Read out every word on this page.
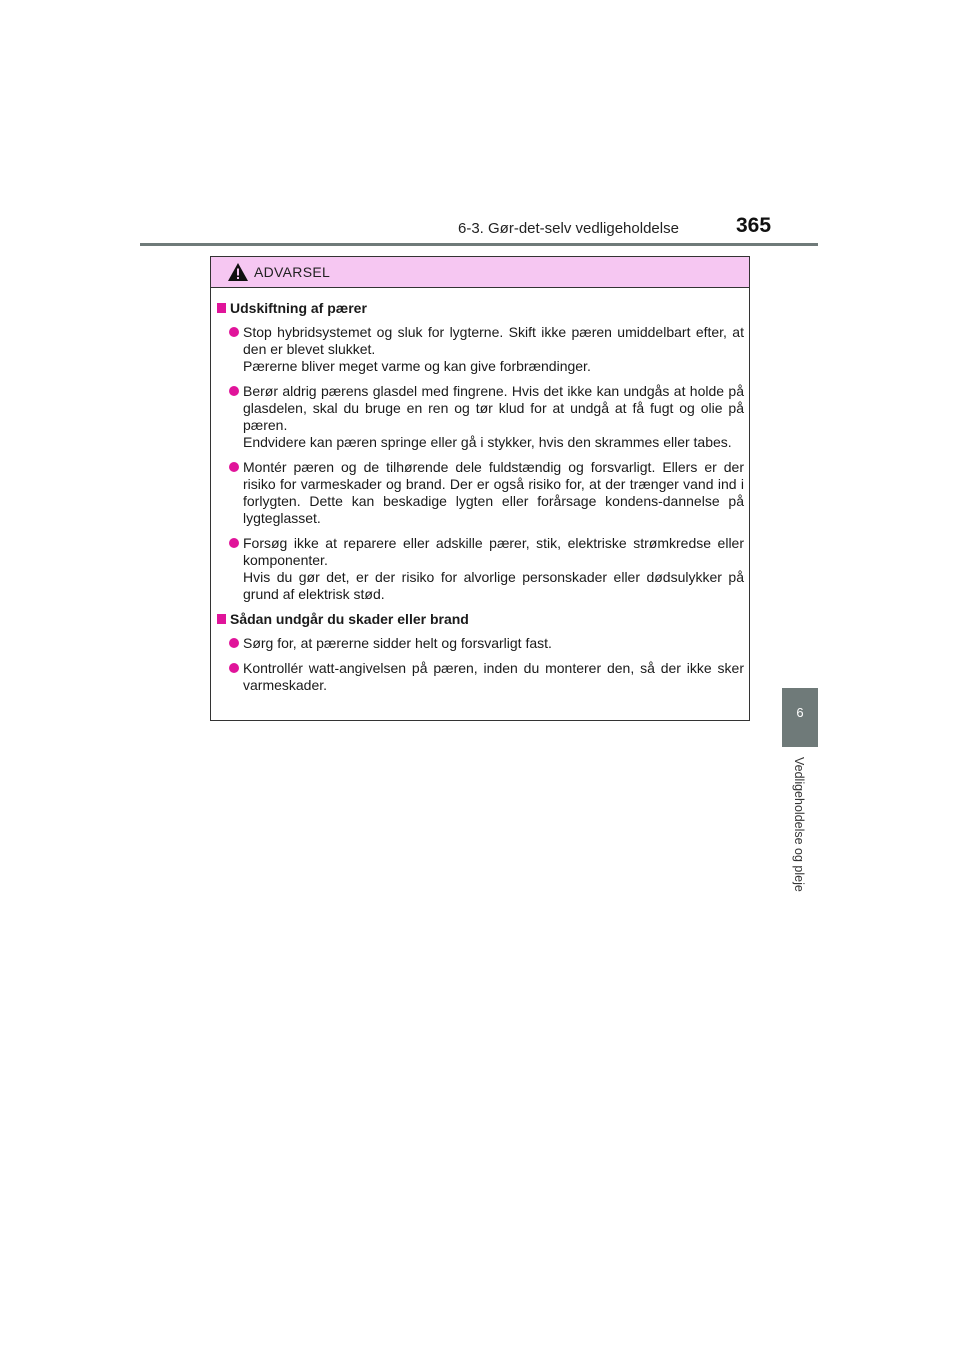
6-3. Gør-det-selv vedligeholdelse	365
6
Vedligeholdelse og pleje
ADVARSEL
Udskiftning af pærer

Stop hybridsystemet og sluk for lygterne. Skift ikke pæren umiddelbart efter, at den er blevet slukket.

Pærerne bliver meget varme og kan give forbrændinger.

Berør aldrig pærens glasdel med fingrene. Hvis det ikke kan undgås at holde på glasdelen, skal du bruge en ren og tør klud for at undgå at få fugt og olie på pæren.

Endvidere kan pæren springe eller gå i stykker, hvis den skrammes eller tabes.

Montér pæren og de tilhørende dele fuldstændig og forsvarligt. Ellers er der risiko for varmeskader og brand. Der er også risiko for, at der trænger vand ind i forlygten. Dette kan beskadige lygten eller forårsage kondens-dannelse på lygteglasset.

Forsøg ikke at reparere eller adskille pærer, stik, elektriske strømkredse eller komponenter.

Hvis du gør det, er der risiko for alvorlige personskader eller dødsulykker på grund af elektrisk stød.

Sådan undgår du skader eller brand

Sørg for, at pærerne sidder helt og forsvarligt fast.

Kontrollér watt-angivelsen på pæren, inden du monterer den, så der ikke sker varmeskader.
